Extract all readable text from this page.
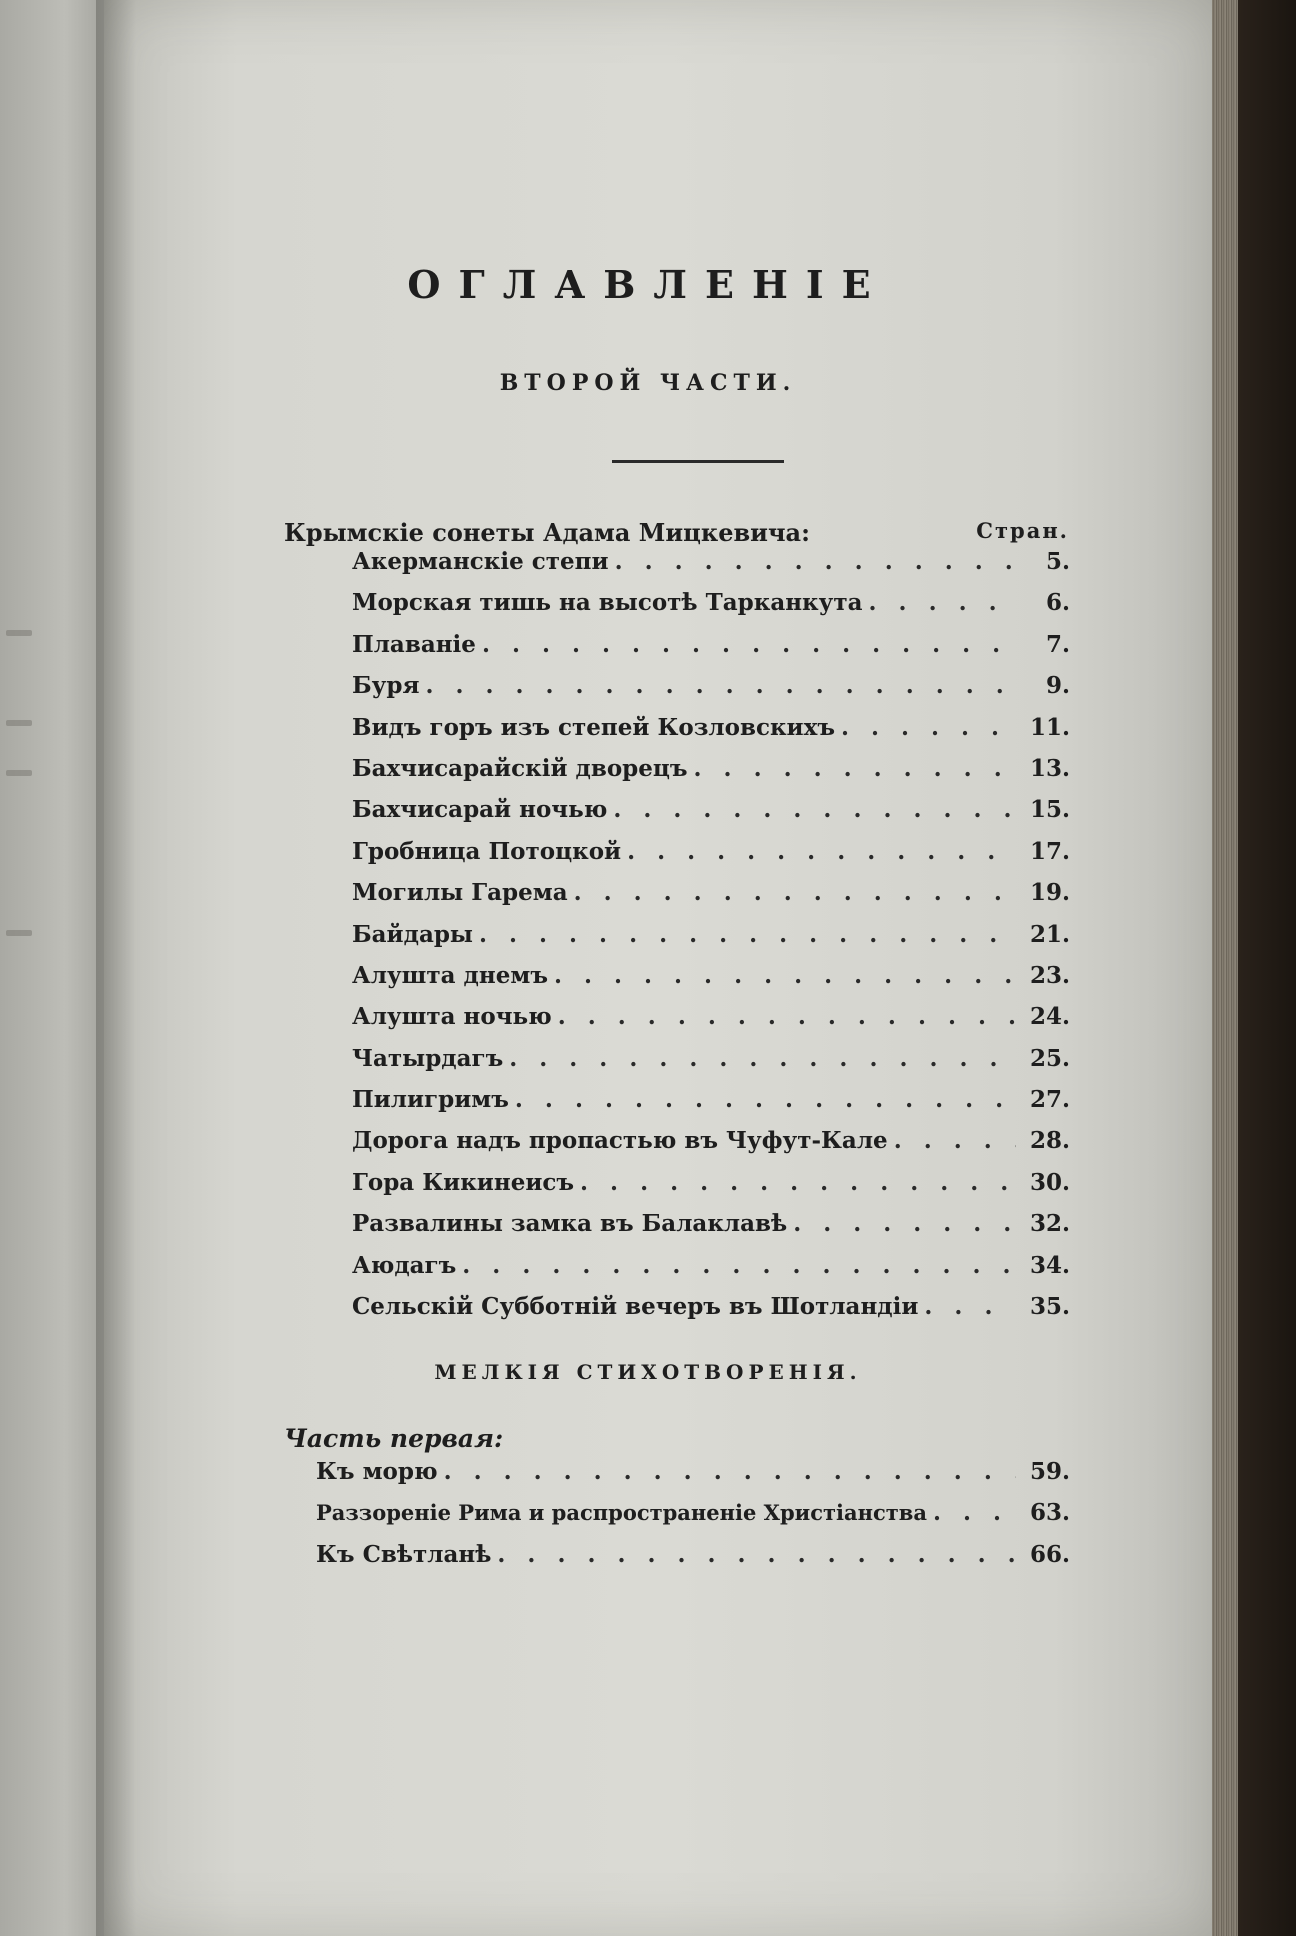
ОГЛАВЛЕНІЕ
ВТОРОЙ ЧАСТИ.
Крымскіе сонеты Адама Мицкевича:	Стран.
Акерманскіе степи . . .	5.
Морская тишь на высотѣ Тарканкута . . .	6.
Плаваніе . . .	7.
Буря . . .	9.
Видъ горъ изъ степей Козловскихъ . . .	11.
Бахчисарайскій дворецъ . . .	13.
Бахчисарай ночью . . .	15.
Гробница Потоцкой . . .	17.
Могилы Гарема . . .	19.
Байдары . . .	21.
Алушта днемъ . . .	23.
Алушта ночью . . .	24.
Чатырдагъ . . .	25.
Пилигримъ . . .	27.
Дорога надъ пропастью въ Чуфут-Кале . . .	28.
Гора Кикинеисъ . . .	30.
Развалины замка въ Балаклавѣ . . .	32.
Аюдагъ . . .	34.
Сельскій Субботній вечеръ въ Шотландіи . . .	35.
МЕЛКІЯ СТИХОТВОРЕНІЯ.

Часть первая:

Къ морю . . .	59.
Раззореніе Рима и распространеніе Христіанства . . .	63.
Къ Свѣтланѣ . . .	66.
